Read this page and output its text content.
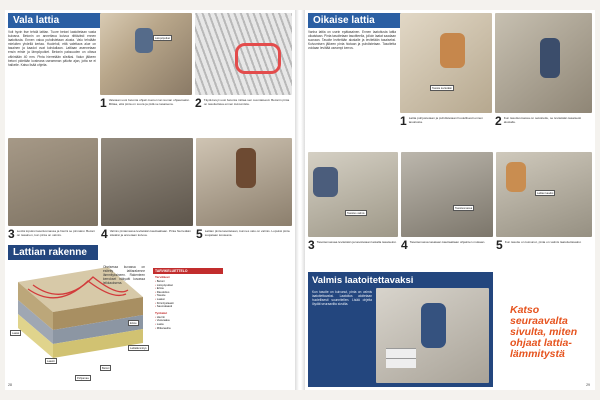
Vala lattia
Voit hyvin itse tehdä lattian. Tuore betoni laatoitetaan vasta kuivana. Betonin on annettava kuivua riittävästi ennen laatoitusta. Ennen valua puhdistetaan alusta. Valu tehdään mieluiten yhdellä kertaa. Huolehdi, että valettava alue on tasainen ja kaadot ovat kohdallaan. Lattiaan asennetaan ensin eriste ja lämpöputket. Betonin paksuuden on oltava vähintään 40 mm. Pinta hierretään sileäksi. Valun jälkeen betoni pidetään kosteana useamman päivän ajan, jotta se ei halkeile. Katso lisää ohjeita.
Lämpöputket
1 Valetaan uusi betonia ohjain kuoren tai reunan ohjaamaksi. Mittaa, että pinta on suora ja pidä se tasaisena.	2 Täytä kevyt uusi betonia mittaa sen suuntaisesti. Betonin pinta on tasoitettava ennen kuivumista.
3 Levitä lopuksi tasoitusmassa ja hierrä se pinnaksi. Betoni on tasainen, kun pinta on valmis.	4 Valmis pintamassa levitetään kauttaaltaan. Pinta hierretään sileäksi ja annetaan kuivua.	5 Lattian pinta tasoitetaan, kunnes valu on valmis. Lopuksi pinta suojataan kosteana.
Lattian rakenne
Laatat
Laastit
Betoni
Lattialämmitys
Eriste
Pohjamaa
Oheisessa kuvassa on esitetty lattiarakenne lämmityksineen. Rakenteen kerrokset näkyvät kuvassa leikkauksena.
TARVIKELUETTELO
Tarvikkeet
• Betoni
• Lämpöputket
• Eriste
• Raudoitus
• Tasoite
• Laatat
• Kiinnityslaasti
• Saumalaasti
Työkalut
• Hierrin
• Vesivaaka
• Lasta
• Mittanauha
28
Oikaise lattia
Vanha lattia on usein epätasainen. Ennen laatoitusta lattia oikaistaan. Pinta tasoitetaan tasoitteella, jolloin laatat saadaan suoraan. Tasoite levitetään alustalle ja levitetään tasaiseksi. Kuivumisen jälkeen pinta hiotaan ja puhdistetaan. Tasoitetta voidaan levittää useampi kerros.
Tasoite levitetään
1 Lattia pohjustetaan ja puhdistetaan huolellisesti ennen tasoitusta.	2 Kun tasoitusmassa on sekoitettu, se levitetään tasaisesti alustalle.
Tasoitus valmis
Tasoitusmassa
Lattian kaadot
3 Tasoitemassaa levitetään ja tasoitetaan lastalla tasaiseksi. 4 Tasoitemassa tasataan kauttaaltaan ohjainten mukaan. 5 Kun tasoite on kuivunut, pinta on valmis laatoitettavaksi.
Valmis laatoitettavaksi
Kun tasoite on kuivunut, pinta on valmis laatoitettavaksi. Laatoitus aloitetaan huolellisesti suunnitellen. Lisää ohjeita löydät seuraavilta sivuilta.	Katso seuraavalta sivulta, miten ohjaat lattia-lämmitystä
29
